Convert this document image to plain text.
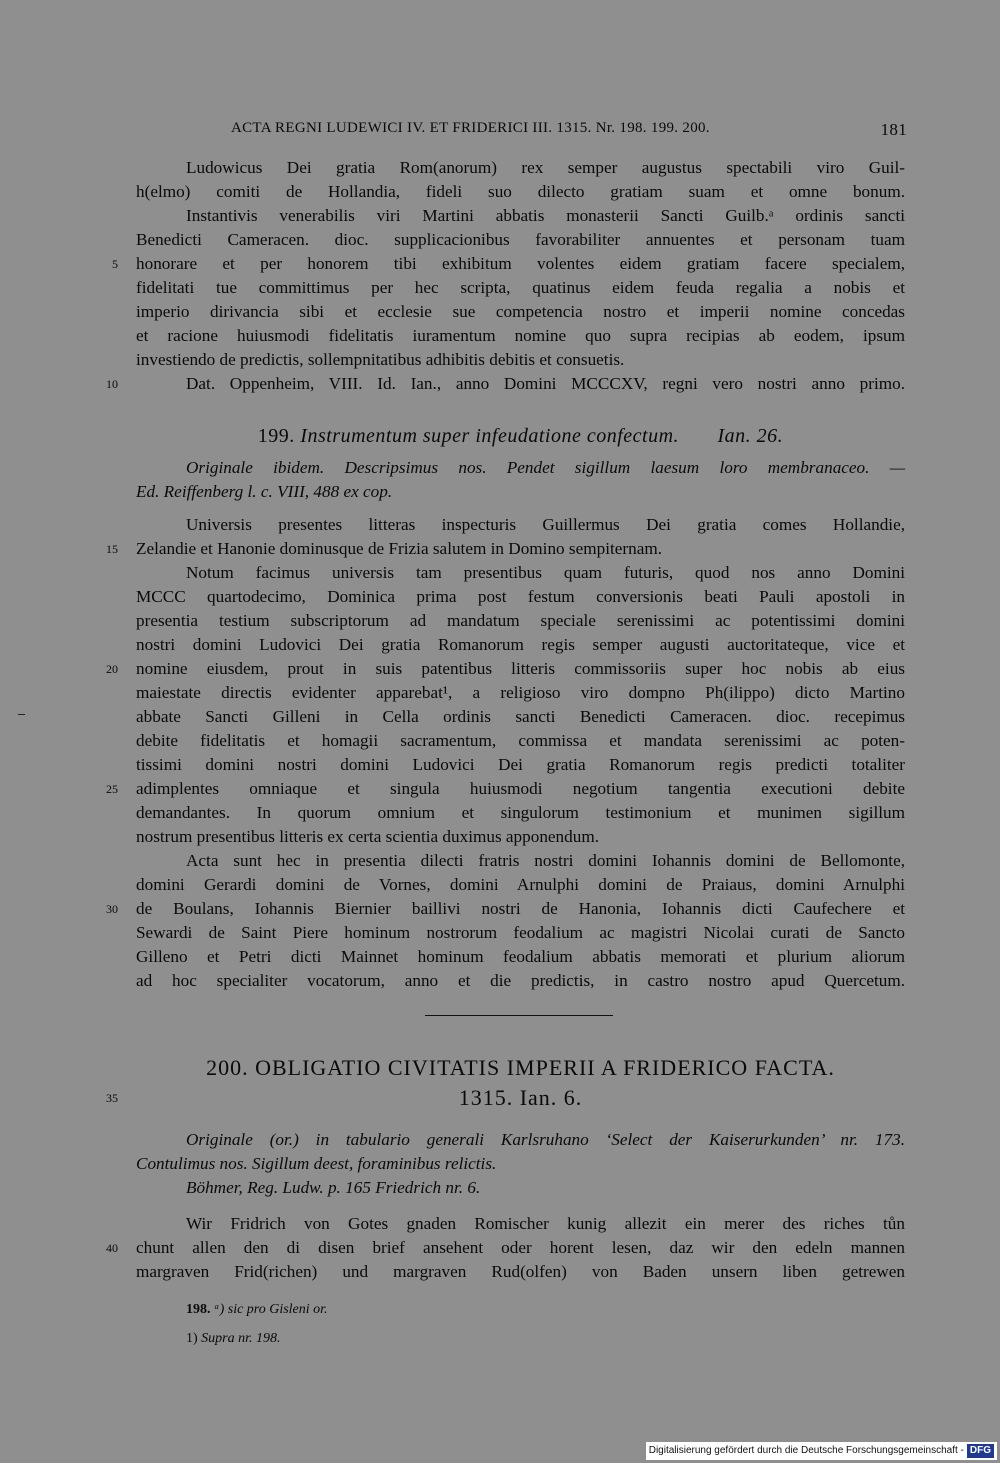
ACTA REGNI LUDEWICI IV. ET FRIDERICI III. 1315. Nr. 198. 199. 200.	181
Ludowicus Dei gratia Rom(anorum) rex semper augustus spectabili viro Guil-
h(elmo) comiti de Hollandia, fideli suo dilecto gratiam suam et omne bonum.
Instantivis venerabilis viri Martini abbatis monasterii Sancti Guilb.ᵃ ordinis sancti
Benedicti Cameracen. dioc. supplicacionibus favorabiliter annuentes et personam tuam
honorare et per honorem tibi exhibitum volentes eidem gratiam facere specialem,
fidelitati tue committimus per hec scripta, quatinus eidem feuda regalia a nobis et
imperio dirivancia sibi et ecclesie sue competencia nostro et imperii nomine concedas
et racione huiusmodi fidelitatis iuramentum nomine quo supra recipias ab eodem, ipsum
investiendo de predictis, sollempnitatibus adhibitis debitis et consuetis.
Dat. Oppenheim, VIII. Id. Ian., anno Domini MCCCXV, regni vero nostri anno primo.
199. Instrumentum super infeudatione confectum. Ian. 26.
Originale ibidem. Descripsimus nos. Pendet sigillum laesum loro membranaceo. —
Ed. Reiffenberg l. c. VIII, 488 ex cop.
Universis presentes litteras inspecturis Guillermus Dei gratia comes Hollandie,
Zelandie et Hanonie dominusque de Frizia salutem in Domino sempiternam.
Notum facimus universis tam presentibus quam futuris, quod nos anno Domini
MCCC quartodecimo, Dominica prima post festum conversionis beati Pauli apostoli in
presentia testium subscriptorum ad mandatum speciale serenissimi ac potentissimi domini
nostri domini Ludovici Dei gratia Romanorum regis semper augusti auctoritateque, vice et
nomine eiusdem, prout in suis patentibus litteris commissoriis super hoc nobis ab eius
maiestate directis evidenter apparebat¹, a religioso viro dompno Ph(ilippo) dicto Martino
abbate Sancti Gilleni in Cella ordinis sancti Benedicti Cameracen. dioc. recepimus
debite fidelitatis et homagii sacramentum, commissa et mandata serenissimi ac poten-
tissimi domini nostri domini Ludovici Dei gratia Romanorum regis predicti totaliter
adimplentes omniaque et singula huiusmodi negotium tangentia executioni debite
demandantes. In quorum omnium et singulorum testimonium et munimen sigillum
nostrum presentibus litteris ex certa scientia duximus apponendum.
Acta sunt hec in presentia dilecti fratris nostri domini Iohannis domini de Bellomonte,
domini Gerardi domini de Vornes, domini Arnulphi domini de Praiaus, domini Arnulphi
de Boulans, Iohannis Biernier baillivi nostri de Hanonia, Iohannis dicti Caufechere et
Sewardi de Saint Piere hominum nostrorum feodalium ac magistri Nicolai curati de Sancto
Gilleno et Petri dicti Mainnet hominum feodalium abbatis memorati et plurium aliorum
ad hoc specialiter vocatorum, anno et die predictis, in castro nostro apud Quercetum.
200. OBLIGATIO CIVITATIS IMPERII A FRIDERICO FACTA.
1315. Ian. 6.
Originale (or.) in tabulario generali Karlsruhano ‘Select der Kaiserurkunden’ nr. 173.
Contulimus nos. Sigillum deest, foraminibus relictis.
Böhmer, Reg. Ludw. p. 165 Friedrich nr. 6.
Wir Fridrich von Gotes gnaden Romischer kunig allezit ein merer des riches tůn
chunt allen den di disen brief ansehent oder horent lesen, daz wir den edeln mannen
margraven Frid(richen) und margraven Rud(olfen) von Baden unsern liben getrewen
5
10
15
20
25
30
35
40
198. ᵃ) sic pro Gisleni or.
1) Supra nr. 198.
Digitalisierung gefördert durch die Deutsche Forschungsgemeinschaft - DFG
